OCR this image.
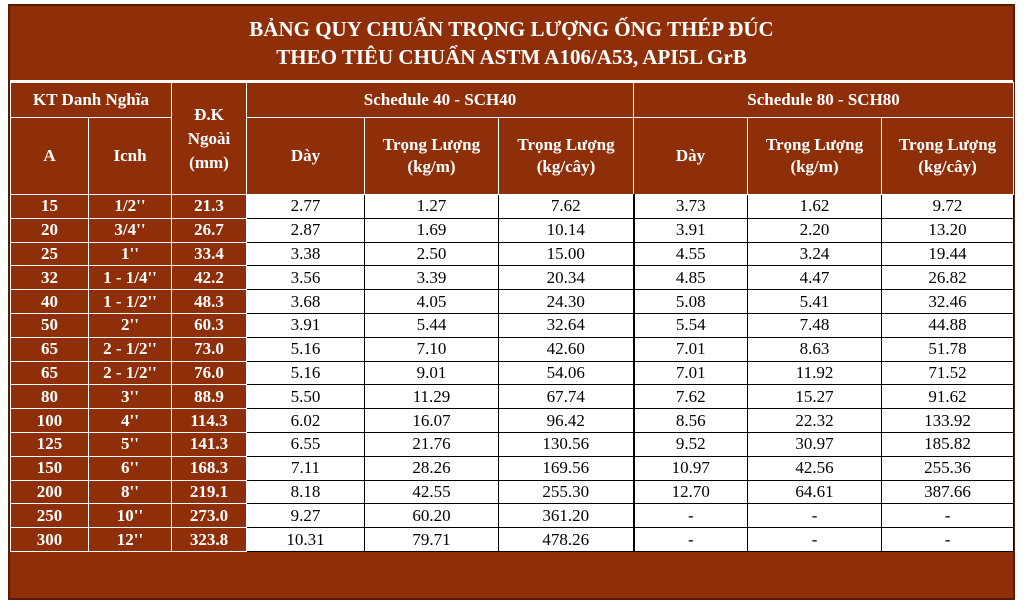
BẢNG QUY CHUẨN TRỌNG LƯỢNG ỐNG THÉP ĐÚC
THEO TIÊU CHUẨN ASTM A106/A53, API5L GrB
KT Danh Nghĩa		Đ.K Ngoài (mm)	Schedule 40 - SCH40			Schedule 80 - SCH80		
A	Icnh		Dày	Trọng Lượng (kg/m)	Trọng Lượng (kg/cây)	Dày	Trọng Lượng (kg/m)	Trọng Lượng (kg/cây)
15	1/2''	21.3	2.77	1.27	7.62	3.73	1.62	9.72
20	3/4''	26.7	2.87	1.69	10.14	3.91	2.20	13.20
25	1''	33.4	3.38	2.50	15.00	4.55	3.24	19.44
32	1 - 1/4''	42.2	3.56	3.39	20.34	4.85	4.47	26.82
40	1 - 1/2''	48.3	3.68	4.05	24.30	5.08	5.41	32.46
50	2''	60.3	3.91	5.44	32.64	5.54	7.48	44.88
65	2 - 1/2''	73.0	5.16	7.10	42.60	7.01	8.63	51.78
65	2 - 1/2''	76.0	5.16	9.01	54.06	7.01	11.92	71.52
80	3''	88.9	5.50	11.29	67.74	7.62	15.27	91.62
100	4''	114.3	6.02	16.07	96.42	8.56	22.32	133.92
125	5''	141.3	6.55	21.76	130.56	9.52	30.97	185.82
150	6''	168.3	7.11	28.26	169.56	10.97	42.56	255.36
200	8''	219.1	8.18	42.55	255.30	12.70	64.61	387.66
250	10''	273.0	9.27	60.20	361.20	-	-	-
300	12''	323.8	10.31	79.71	478.26	-	-	-
